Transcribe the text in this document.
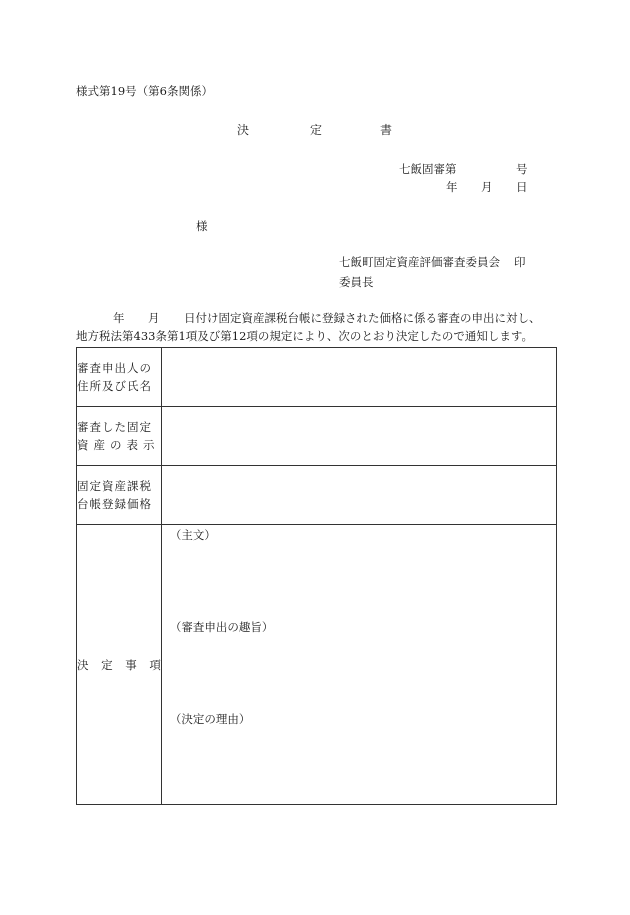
様式第19号（第6条関係）
決	定	書
七飯固審第	号
年 月 日
様
七飯町固定資産評価審査委員会 印
委員長
年 月 日付け固定資産課税台帳に登録された価格に係る審査の申出に対し、
地方税法第433条第1項及び第12項の規定により、次のとおり決定したので通知します。
審査申出人の
住所及び氏名	

審査した固定
資産の表示	

固定資産課税
台帳登録価格	

決 定 事 項	（主文）
（審査申出の趣旨）
（決定の理由）
